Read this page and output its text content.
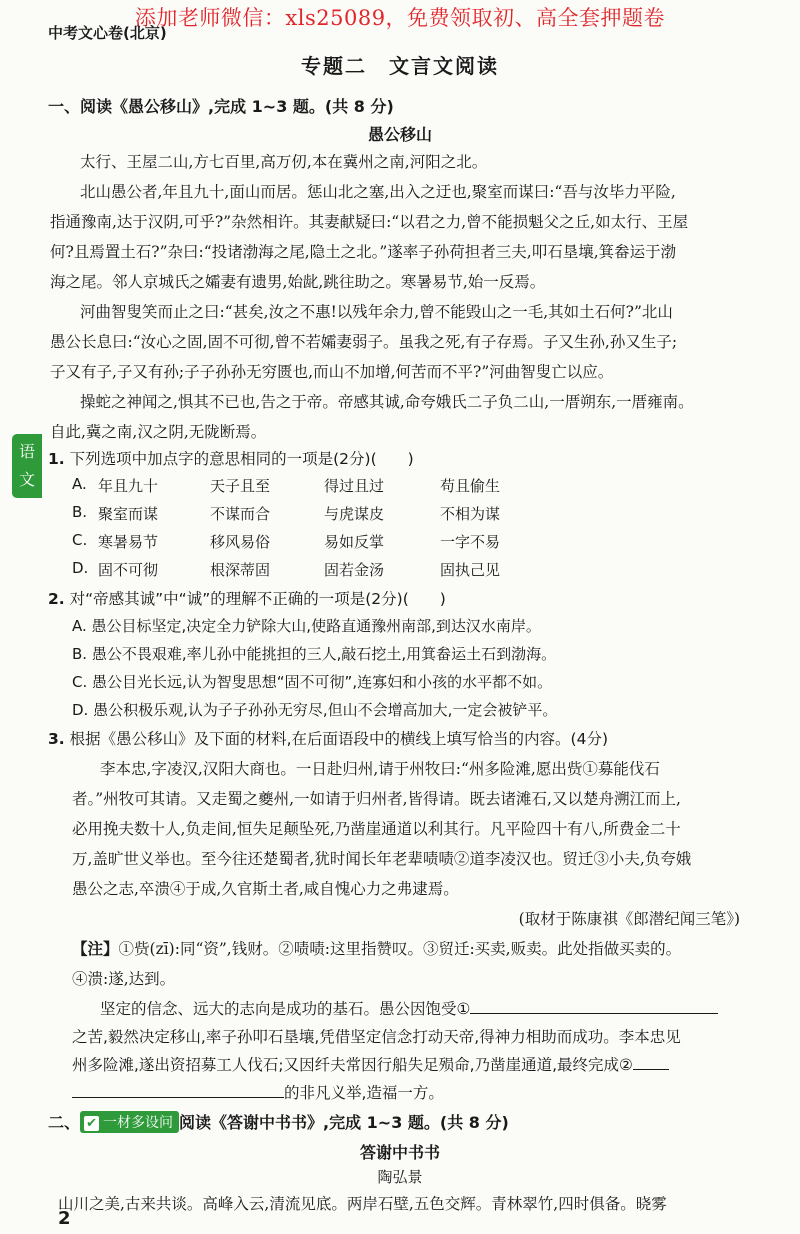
添加老师微信：xls25089，免费领取初、高全套押题卷
中考文心卷(北京)
专题二　文言文阅读
语
文
一、阅读《愚公移山》,完成 1~3 题。(共 8 分)
愚公移山
太行、王屋二山,方七百里,高万仞,本在冀州之南,河阳之北。
北山愚公者,年且九十,面山而居。惩山北之塞,出入之迂也,聚室而谋曰:“吾与汝毕力平险,
指通豫南,达于汉阴,可乎?”杂然相许。其妻献疑曰:“以君之力,曾不能损魁父之丘,如太行、王屋
何?且焉置土石?”杂曰:“投诸渤海之尾,隐土之北。”遂率子孙荷担者三夫,叩石垦壤,箕畚运于渤
海之尾。邻人京城氏之孀妻有遗男,始龀,跳往助之。寒暑易节,始一反焉。
河曲智叟笑而止之曰:“甚矣,汝之不惠!以残年余力,曾不能毁山之一毛,其如土石何?”北山
愚公长息曰:“汝心之固,固不可彻,曾不若孀妻弱子。虽我之死,有子存焉。子又生孙,孙又生子;
子又有子,子又有孙;子子孙孙无穷匮也,而山不加增,何苦而不平?”河曲智叟亡以应。
操蛇之神闻之,惧其不已也,告之于帝。帝感其诚,命夸娥氏二子负二山,一厝朔东,一厝雍南。
自此,冀之南,汉之阴,无陇断焉。
1. 下列选项中加点字的意思相同的一项是(2分)(　　)
A. 年且九十	天子且至	得过且过	苟且偷生
B. 聚室而谋	不谋而合	与虎谋皮	不相为谋
C. 寒暑易节	移风易俗	易如反掌	一字不易
D. 固不可彻	根深蒂固	固若金汤	固执己见
2. 对“帝感其诚”中“诚”的理解不正确的一项是(2分)(　　)
A. 愚公目标坚定,决定全力铲除大山,使路直通豫州南部,到达汉水南岸。
B. 愚公不畏艰难,率儿孙中能挑担的三人,敲石挖土,用箕畚运土石到渤海。
C. 愚公目光长远,认为智叟思想“固不可彻”,连寡妇和小孩的水平都不如。
D. 愚公积极乐观,认为子子孙孙无穷尽,但山不会增高加大,一定会被铲平。
3. 根据《愚公移山》及下面的材料,在后面语段中的横线上填写恰当的内容。(4分)
李本忠,字凌汉,汉阳大商也。一日赴归州,请于州牧曰:“州多险滩,愿出赀①募能伐石
者。”州牧可其请。又走蜀之夔州,一如请于归州者,皆得请。既去诸滩石,又以楚舟溯江而上,
必用挽夫数十人,负走间,恒失足颠坠死,乃凿崖通道以利其行。凡平险四十有八,所费金二十
万,盖旷世义举也。至今往还楚蜀者,犹时闻长年老辈啧啧②道李凌汉也。贸迁③小夫,负夸娥
愚公之志,卒溃④于成,久官斯土者,咸自愧心力之弗逮焉。
(取材于陈康祺《郎潜纪闻三笔》)
【注】①赀(zī):同“资”,钱财。②啧啧:这里指赞叹。③贸迁:买卖,贩卖。此处指做买卖的。
④溃:遂,达到。
坚定的信念、远大的志向是成功的基石。愚公因饱受①
之苦,毅然决定移山,率子孙叩石垦壤,凭借坚定信念打动天帝,得神力相助而成功。李本忠见
州多险滩,遂出资招募工人伐石;又因纤夫常因行船失足殒命,乃凿崖通道,最终完成②
的非凡义举,造福一方。
二、 ✔ 一材多设问 阅读《答谢中书书》,完成 1~3 题。(共 8 分)
答谢中书书
陶弘景
山川之美,古来共谈。高峰入云,清流见底。两岸石壁,五色交辉。青林翠竹,四时俱备。晓雾
2
